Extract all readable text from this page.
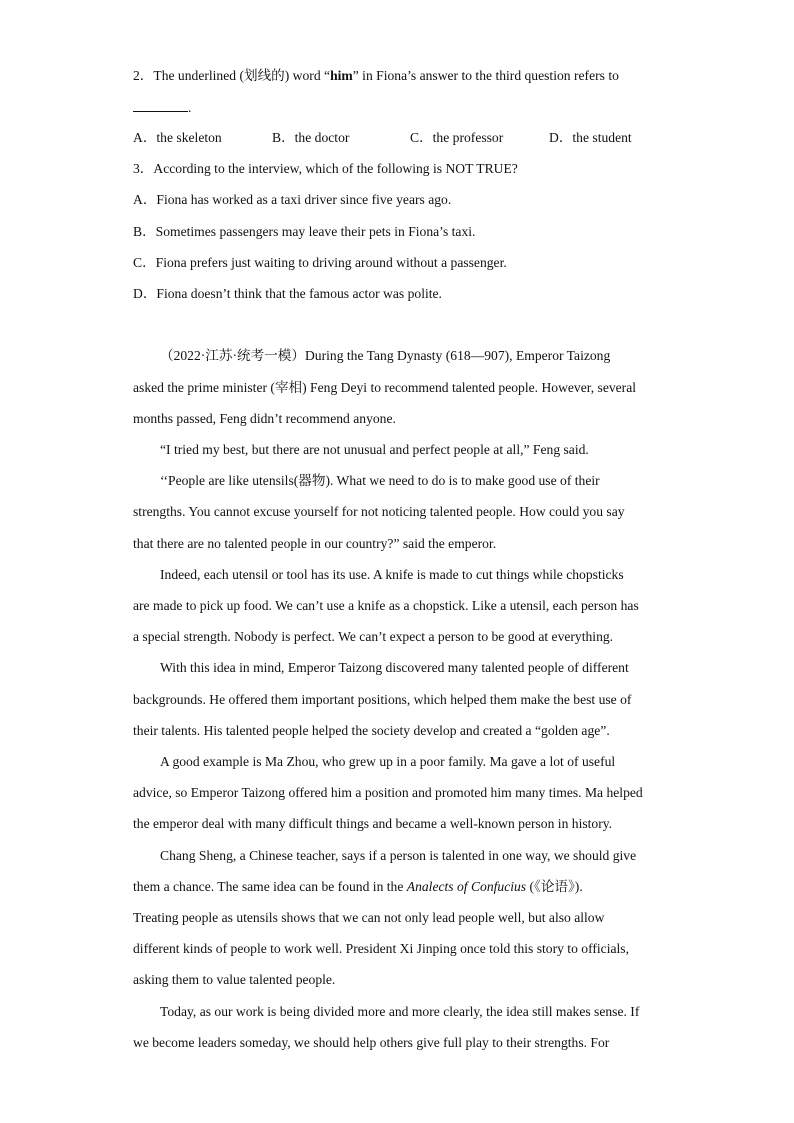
2．The underlined (划线的) word “him” in Fiona’s answer to the third question refers to
.
A．the skeleton	B．the doctor	C．the professor	D．the student
3．According to the interview, which of the following is NOT TRUE?
A．Fiona has worked as a taxi driver since five years ago.
B．Sometimes passengers may leave their pets in Fiona’s taxi.
C．Fiona prefers just waiting to driving around without a passenger.
D．Fiona doesn’t think that the famous actor was polite.
（2022·江苏·统考一模）During the Tang Dynasty (618—907), Emperor Taizong
asked the prime minister (宰相) Feng Deyi to recommend talented people. However, several
months passed, Feng didn’t recommend anyone.
“I tried my best, but there are not unusual and perfect people at all,” Feng said.
‘‘People are like utensils(器物). What we need to do is to make good use of their
strengths. You cannot excuse yourself for not noticing talented people. How could you say
that there are no talented people in our country?” said the emperor.
Indeed, each utensil or tool has its use. A knife is made to cut things while chopsticks
are made to pick up food. We can’t use a knife as a chopstick. Like a utensil, each person has
a special strength. Nobody is perfect. We can’t expect a person to be good at everything.
With this idea in mind, Emperor Taizong discovered many talented people of different
backgrounds. He offered them important positions, which helped them make the best use of
their talents. His talented people helped the society develop and created a “golden age”.
A good example is Ma Zhou, who grew up in a poor family. Ma gave a lot of useful
advice, so Emperor Taizong offered him a position and promoted him many times. Ma helped
the emperor deal with many difficult things and became a well-known person in history.
Chang Sheng, a Chinese teacher, says if a person is talented in one way, we should give
them a chance. The same idea can be found in the Analects of Confucius (《论语》).
Treating people as utensils shows that we can not only lead people well, but also allow
different kinds of people to work well. President Xi Jinping once told this story to officials,
asking them to value talented people.
Today, as our work is being divided more and more clearly, the idea still makes sense. If
we become leaders someday, we should help others give full play to their strengths. For
